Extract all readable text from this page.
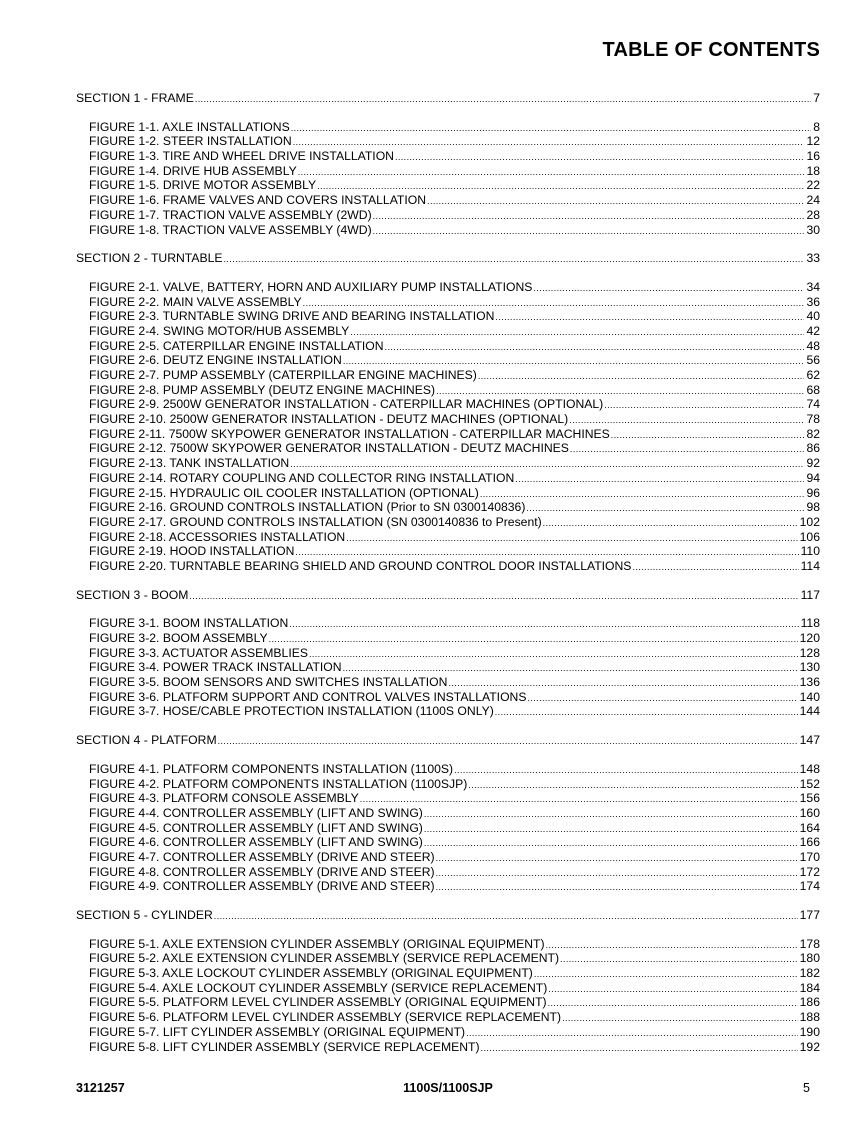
TABLE OF CONTENTS
SECTION 1 - FRAME .....	7
FIGURE 1-1. AXLE INSTALLATIONS .....	8
FIGURE 1-2. STEER INSTALLATION .....	12
FIGURE 1-3. TIRE AND WHEEL DRIVE INSTALLATION .....	16
FIGURE 1-4. DRIVE HUB ASSEMBLY .....	18
FIGURE 1-5. DRIVE MOTOR ASSEMBLY .....	22
FIGURE 1-6. FRAME VALVES AND COVERS INSTALLATION .....	24
FIGURE 1-7. TRACTION VALVE ASSEMBLY (2WD) .....	28
FIGURE 1-8. TRACTION VALVE ASSEMBLY (4WD) .....	30
SECTION 2 - TURNTABLE .....	33
FIGURE 2-1. VALVE, BATTERY, HORN AND AUXILIARY PUMP INSTALLATIONS .....	34
FIGURE 2-2. MAIN VALVE ASSEMBLY .....	36
FIGURE 2-3. TURNTABLE SWING DRIVE AND BEARING INSTALLATION .....	40
FIGURE 2-4. SWING MOTOR/HUB ASSEMBLY .....	42
FIGURE 2-5. CATERPILLAR ENGINE INSTALLATION .....	48
FIGURE 2-6. DEUTZ ENGINE INSTALLATION .....	56
FIGURE 2-7. PUMP ASSEMBLY (CATERPILLAR ENGINE MACHINES) .....	62
FIGURE 2-8. PUMP ASSEMBLY (DEUTZ ENGINE MACHINES) .....	68
FIGURE 2-9. 2500W GENERATOR INSTALLATION - CATERPILLAR MACHINES (OPTIONAL) .....	74
FIGURE 2-10. 2500W GENERATOR INSTALLATION - DEUTZ MACHINES (OPTIONAL) .....	78
FIGURE 2-11. 7500W SKYPOWER GENERATOR INSTALLATION - CATERPILLAR MACHINES .....	82
FIGURE 2-12. 7500W SKYPOWER GENERATOR INSTALLATION - DEUTZ MACHINES .....	86
FIGURE 2-13. TANK INSTALLATION .....	92
FIGURE 2-14. ROTARY COUPLING AND COLLECTOR RING INSTALLATION .....	94
FIGURE 2-15. HYDRAULIC OIL COOLER INSTALLATION (OPTIONAL) .....	96
FIGURE 2-16. GROUND CONTROLS INSTALLATION (Prior to SN 0300140836) .....	98
FIGURE 2-17. GROUND CONTROLS INSTALLATION (SN 0300140836 to Present) .....	102
FIGURE 2-18. ACCESSORIES INSTALLATION .....	106
FIGURE 2-19. HOOD INSTALLATION .....	110
FIGURE 2-20. TURNTABLE BEARING SHIELD AND GROUND CONTROL DOOR INSTALLATIONS .....	114
SECTION 3 - BOOM .....	117
FIGURE 3-1. BOOM INSTALLATION .....	118
FIGURE 3-2. BOOM ASSEMBLY .....	120
FIGURE 3-3. ACTUATOR ASSEMBLIES .....	128
FIGURE 3-4. POWER TRACK INSTALLATION .....	130
FIGURE 3-5. BOOM SENSORS AND SWITCHES INSTALLATION .....	136
FIGURE 3-6. PLATFORM SUPPORT AND CONTROL VALVES INSTALLATIONS .....	140
FIGURE 3-7. HOSE/CABLE PROTECTION INSTALLATION (1100S ONLY) .....	144
SECTION 4 - PLATFORM .....	147
FIGURE 4-1. PLATFORM COMPONENTS INSTALLATION (1100S) .....	148
FIGURE 4-2. PLATFORM COMPONENTS INSTALLATION (1100SJP) .....	152
FIGURE 4-3. PLATFORM CONSOLE ASSEMBLY .....	156
FIGURE 4-4. CONTROLLER ASSEMBLY (LIFT AND SWING) .....	160
FIGURE 4-5. CONTROLLER ASSEMBLY (LIFT AND SWING) .....	164
FIGURE 4-6. CONTROLLER ASSEMBLY (LIFT AND SWING) .....	166
FIGURE 4-7. CONTROLLER ASSEMBLY (DRIVE AND STEER) .....	170
FIGURE 4-8. CONTROLLER ASSEMBLY (DRIVE AND STEER) .....	172
FIGURE 4-9. CONTROLLER ASSEMBLY (DRIVE AND STEER) .....	174
SECTION 5 - CYLINDER .....	177
FIGURE 5-1. AXLE EXTENSION CYLINDER ASSEMBLY (ORIGINAL EQUIPMENT) .....	178
FIGURE 5-2. AXLE EXTENSION CYLINDER ASSEMBLY (SERVICE REPLACEMENT) .....	180
FIGURE 5-3. AXLE LOCKOUT CYLINDER ASSEMBLY (ORIGINAL EQUIPMENT) .....	182
FIGURE 5-4. AXLE LOCKOUT CYLINDER ASSEMBLY (SERVICE REPLACEMENT) .....	184
FIGURE 5-5. PLATFORM LEVEL CYLINDER ASSEMBLY (ORIGINAL EQUIPMENT) .....	186
FIGURE 5-6. PLATFORM LEVEL CYLINDER ASSEMBLY (SERVICE REPLACEMENT) .....	188
FIGURE 5-7. LIFT CYLINDER ASSEMBLY (ORIGINAL EQUIPMENT) .....	190
FIGURE 5-8. LIFT CYLINDER ASSEMBLY (SERVICE REPLACEMENT) .....	192
3121257	1100S/1100SJP	5
